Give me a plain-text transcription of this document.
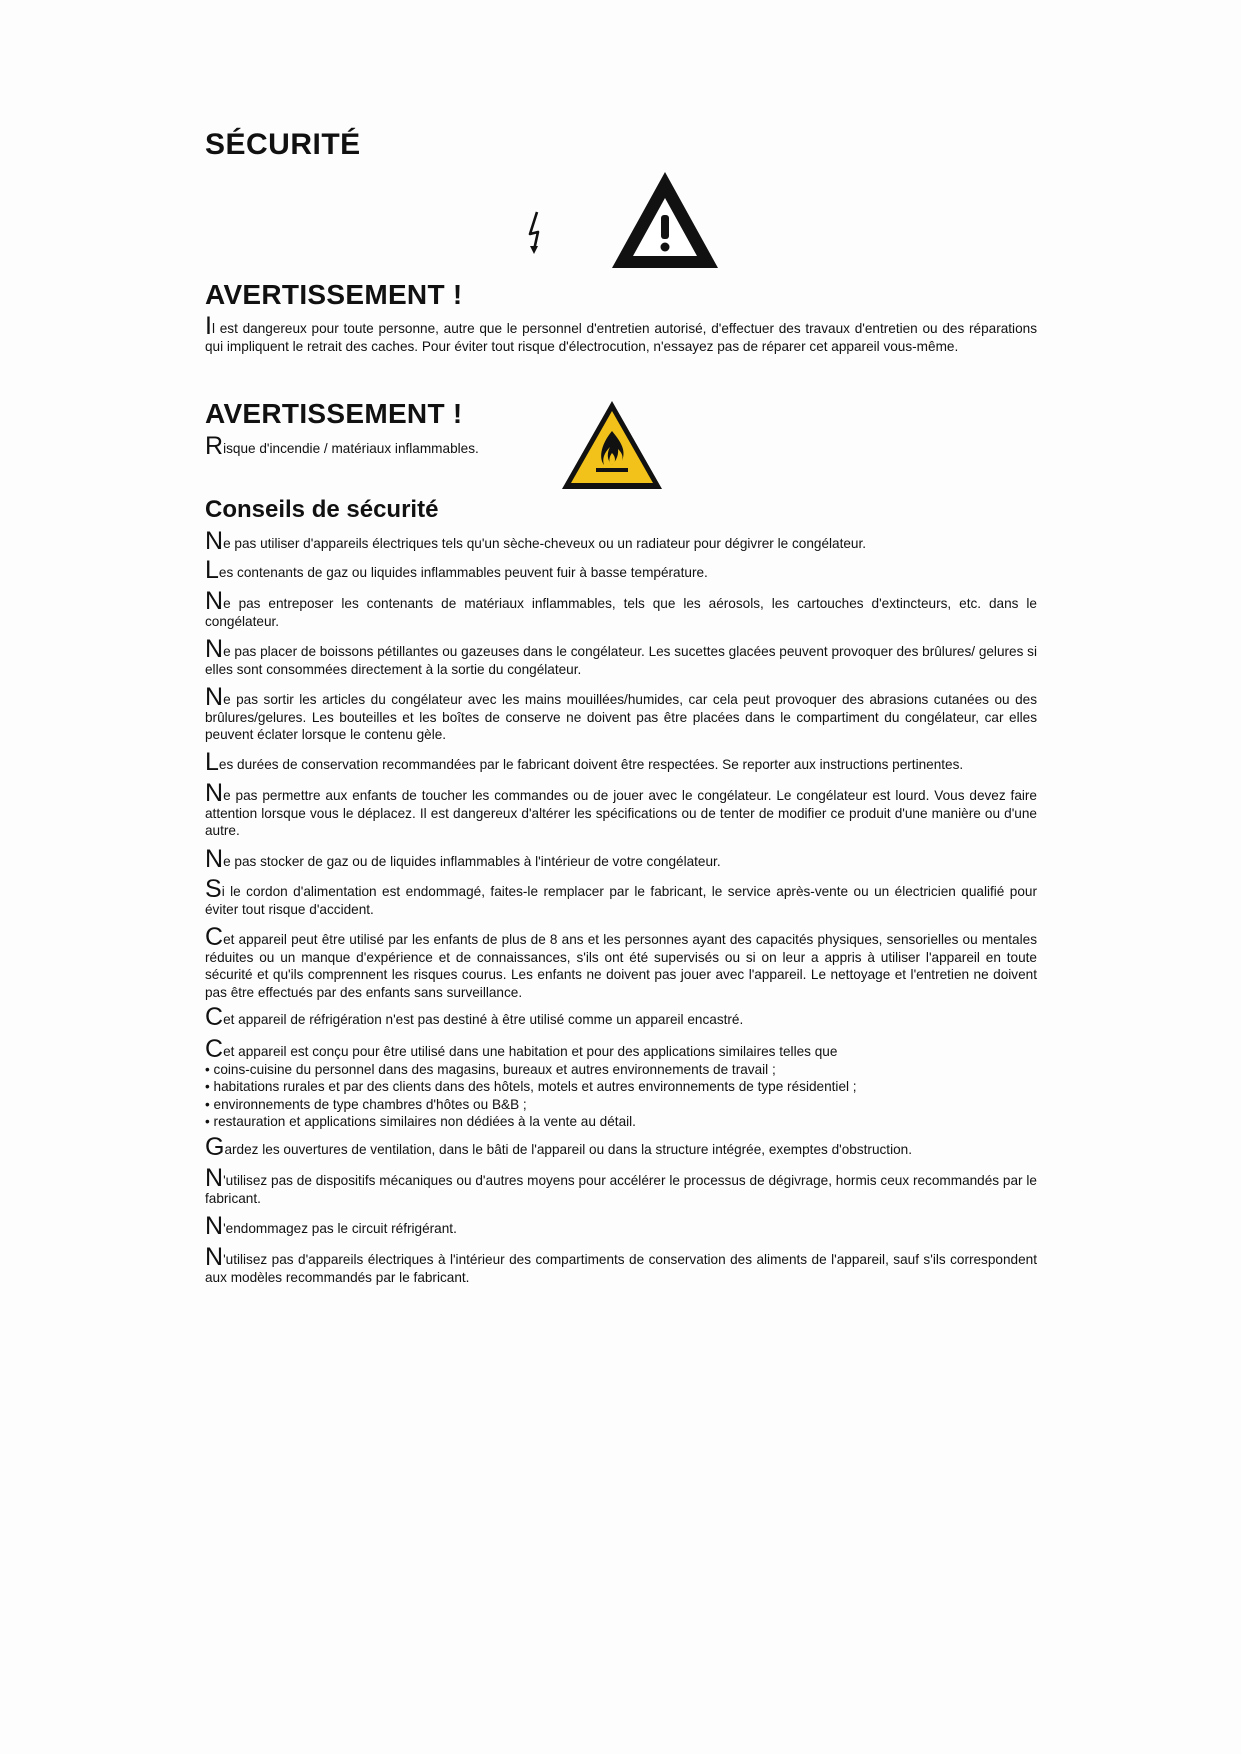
SÉCURITÉ
AVERTISSEMENT !

Il est dangereux pour toute personne, autre que le personnel d'entretien autorisé, d'effectuer des travaux d'entretien ou des réparations qui impliquent le retrait des caches. Pour éviter tout risque d'électrocution, n'essayez pas de réparer cet appareil vous-même.

AVERTISSEMENT !

Risque d'incendie / matériaux inflammables.

Conseils de sécurité

Ne pas utiliser d'appareils électriques tels qu'un sèche-cheveux ou un radiateur pour dégivrer le congélateur.

Les contenants de gaz ou liquides inflammables peuvent fuir à basse température.

Ne pas entreposer les contenants de matériaux inflammables, tels que les aérosols, les cartouches d'extincteurs, etc. dans le congélateur.

Ne pas placer de boissons pétillantes ou gazeuses dans le congélateur. Les sucettes glacées peuvent provoquer des brûlures/ gelures si elles sont consommées directement à la sortie du congélateur.

Ne pas sortir les articles du congélateur avec les mains mouillées/humides, car cela peut provoquer des abrasions cutanées ou des brûlures/gelures. Les bouteilles et les boîtes de conserve ne doivent pas être placées dans le compartiment du congélateur, car elles peuvent éclater lorsque le contenu gèle.

Les durées de conservation recommandées par le fabricant doivent être respectées. Se reporter aux instructions pertinentes.

Ne pas permettre aux enfants de toucher les commandes ou de jouer avec le congélateur. Le congélateur est lourd. Vous devez faire attention lorsque vous le déplacez. Il est dangereux d'altérer les spécifications ou de tenter de modifier ce produit d'une manière ou d'une autre.

Ne pas stocker de gaz ou de liquides inflammables à l'intérieur de votre congélateur.

Si le cordon d'alimentation est endommagé, faites-le remplacer par le fabricant, le service après-vente ou un électricien qualifié pour éviter tout risque d'accident.

Cet appareil peut être utilisé par les enfants de plus de 8 ans et les personnes ayant des capacités physiques, sensorielles ou mentales réduites ou un manque d'expérience et de connaissances, s'ils ont été supervisés ou si on leur a appris à utiliser l'appareil en toute sécurité et qu'ils comprennent les risques courus. Les enfants ne doivent pas jouer avec l'appareil. Le nettoyage et l'entretien ne doivent pas être effectués par des enfants sans surveillance.

Cet appareil de réfrigération n'est pas destiné à être utilisé comme un appareil encastré.

Cet appareil est conçu pour être utilisé dans une habitation et pour des applications similaires telles que
• coins-cuisine du personnel dans des magasins, bureaux et autres environnements de travail ;
• habitations rurales et par des clients dans des hôtels, motels et autres environnements de type résidentiel ;
• environnements de type chambres d'hôtes ou B&B ;
• restauration et applications similaires non dédiées à la vente au détail.

Gardez les ouvertures de ventilation, dans le bâti de l'appareil ou dans la structure intégrée, exemptes d'obstruction.

N'utilisez pas de dispositifs mécaniques ou d'autres moyens pour accélérer le processus de dégivrage, hormis ceux recommandés par le fabricant.

N'endommagez pas le circuit réfrigérant.

N'utilisez pas d'appareils électriques à l'intérieur des compartiments de conservation des aliments de l'appareil, sauf s'ils correspondent aux modèles recommandés par le fabricant.
